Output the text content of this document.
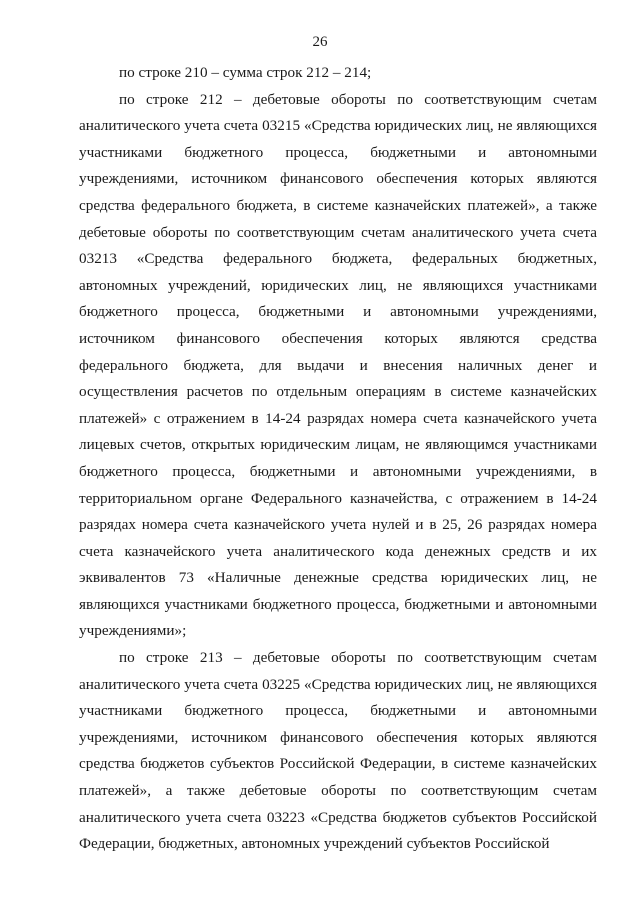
26
по строке 210 – сумма строк 212 – 214;
по строке 212 – дебетовые обороты по соответствующим счетам
аналитического учета счета 03215 «Средства юридических лиц, не являющихся
участниками бюджетного процесса, бюджетными и автономными
учреждениями, источником финансового обеспечения которых являются
средства федерального бюджета, в системе казначейских платежей», а также
дебетовые обороты по соответствующим счетам аналитического учета счета
03213 «Средства федерального бюджета, федеральных бюджетных,
автономных учреждений, юридических лиц, не являющихся участниками
бюджетного процесса, бюджетными и автономными учреждениями,
источником финансового обеспечения которых являются средства
федерального бюджета, для выдачи и внесения наличных денег и
осуществления расчетов по отдельным операциям в системе казначейских
платежей» с отражением в 14-24 разрядах номера счета казначейского учета
лицевых счетов, открытых юридическим лицам, не являющимся участниками
бюджетного процесса, бюджетными и автономными учреждениями, в
территориальном органе Федерального казначейства, с отражением в 14-24
разрядах номера счета казначейского учета нулей и в 25, 26 разрядах номера
счета казначейского учета аналитического кода денежных средств и их
эквивалентов 73 «Наличные денежные средства юридических лиц, не
являющихся участниками бюджетного процесса, бюджетными и автономными
учреждениями»;
по строке 213 – дебетовые обороты по соответствующим счетам
аналитического учета счета 03225 «Средства юридических лиц, не являющихся
участниками бюджетного процесса, бюджетными и автономными
учреждениями, источником финансового обеспечения которых являются
средства бюджетов субъектов Российской Федерации, в системе казначейских
платежей», а также дебетовые обороты по соответствующим счетам
аналитического учета счета 03223 «Средства бюджетов субъектов Российской
Федерации, бюджетных, автономных учреждений субъектов Российской
